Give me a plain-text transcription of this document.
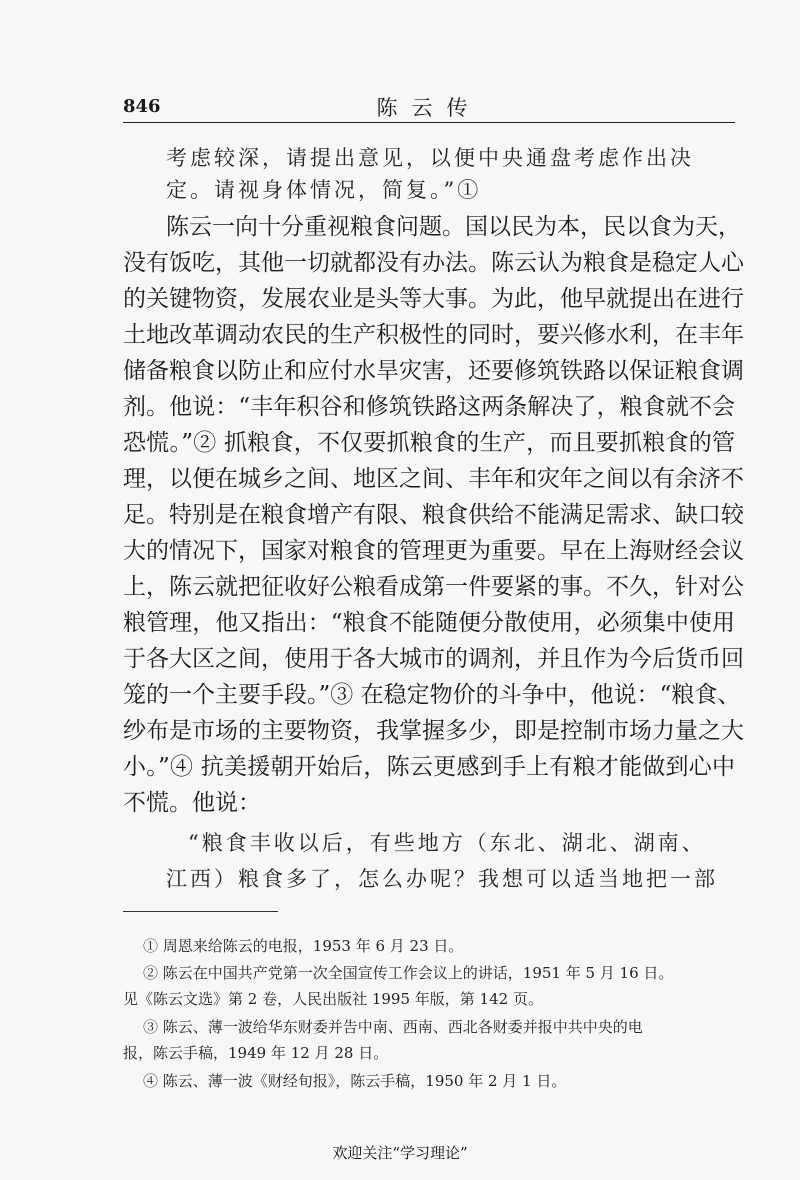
846	陈云传
考虑较深，请提出意见，以便中央通盘考虑作出决
定。请视身体情况，简复。”①
陈云一向十分重视粮食问题。国以民为本，民以食为天，
没有饭吃，其他一切就都没有办法。陈云认为粮食是稳定人心
的关键物资，发展农业是头等大事。为此，他早就提出在进行
土地改革调动农民的生产积极性的同时，要兴修水利，在丰年
储备粮食以防止和应付水旱灾害，还要修筑铁路以保证粮食调
剂。他说：“丰年积谷和修筑铁路这两条解决了，粮食就不会
恐慌。”② 抓粮食，不仅要抓粮食的生产，而且要抓粮食的管
理，以便在城乡之间、地区之间、丰年和灾年之间以有余济不
足。特别是在粮食增产有限、粮食供给不能满足需求、缺口较
大的情况下，国家对粮食的管理更为重要。早在上海财经会议
上，陈云就把征收好公粮看成第一件要紧的事。不久，针对公
粮管理，他又指出：“粮食不能随便分散使用，必须集中使用
于各大区之间，使用于各大城市的调剂，并且作为今后货币回
笼的一个主要手段。”③ 在稳定物价的斗争中，他说：“粮食、
纱布是市场的主要物资，我掌握多少，即是控制市场力量之大
小。”④ 抗美援朝开始后，陈云更感到手上有粮才能做到心中
不慌。他说：
“粮食丰收以后，有些地方（东北、湖北、湖南、
江西）粮食多了，怎么办呢？我想可以适当地把一部
① 周恩来给陈云的电报，1953 年 6 月 23 日。
② 陈云在中国共产党第一次全国宣传工作会议上的讲话，1951 年 5 月 16 日。
见《陈云文选》第 2 卷，人民出版社 1995 年版，第 142 页。
③ 陈云、薄一波给华东财委并告中南、西南、西北各财委并报中共中央的电
报，陈云手稿，1949 年 12 月 28 日。
④ 陈云、薄一波《财经旬报》，陈云手稿，1950 年 2 月 1 日。
欢迎关注“学习理论”
